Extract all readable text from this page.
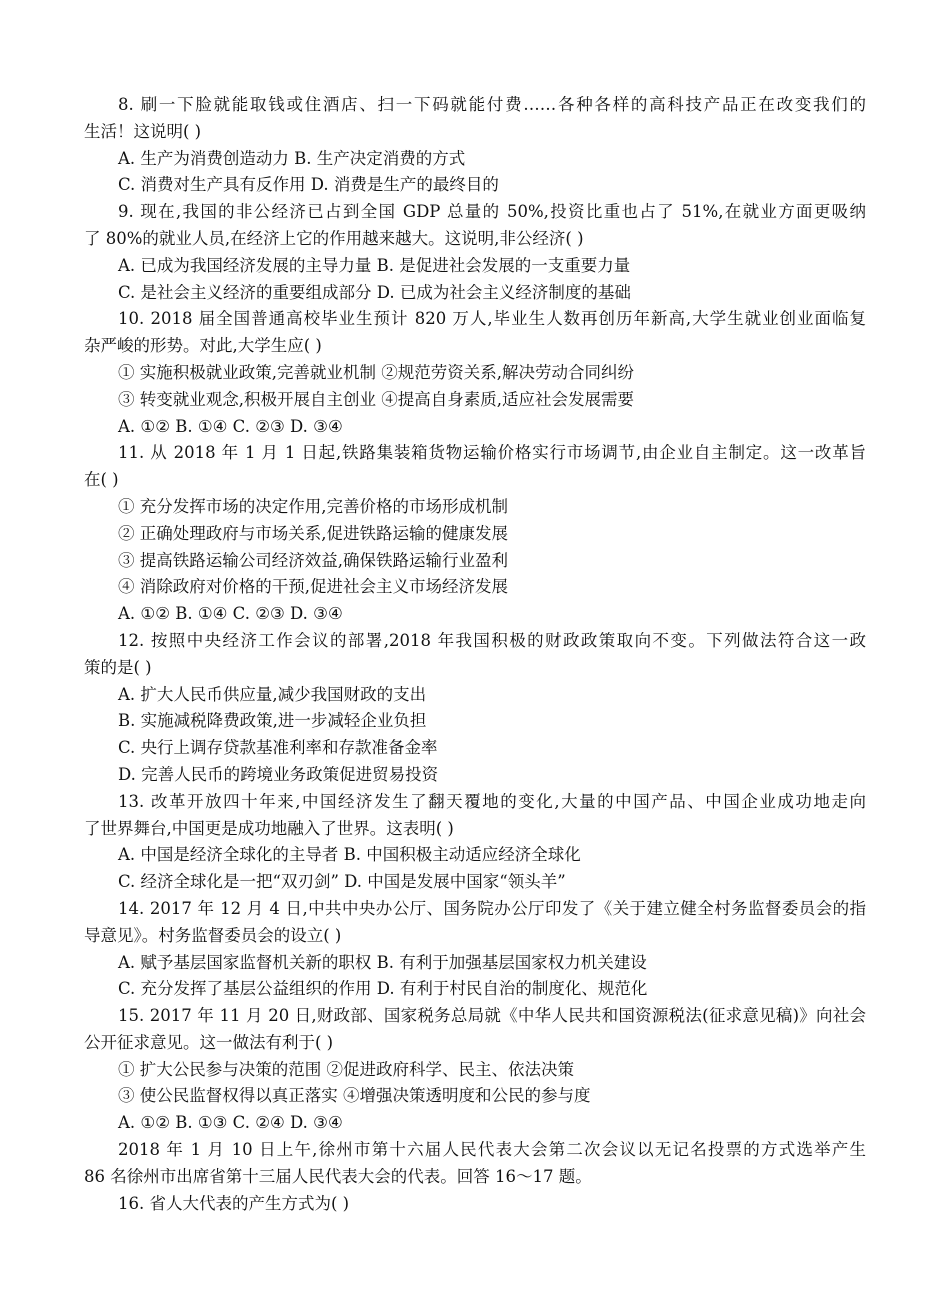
8. 刷一下脸就能取钱或住酒店、扫一下码就能付费……各种各样的高科技产品正在改变我们的
生活！这说明( )
A. 生产为消费创造动力 B. 生产决定消费的方式
C. 消费对生产具有反作用 D. 消费是生产的最终目的
9. 现在,我国的非公经济已占到全国 GDP 总量的 50%,投资比重也占了 51%,在就业方面更吸纳
了 80%的就业人员,在经济上它的作用越来越大。这说明,非公经济( )
A. 已成为我国经济发展的主导力量 B. 是促进社会发展的一支重要力量
C. 是社会主义经济的重要组成部分 D. 已成为社会主义经济制度的基础
10. 2018 届全国普通高校毕业生预计 820 万人,毕业生人数再创历年新高,大学生就业创业面临复
杂严峻的形势。对此,大学生应( )
① 实施积极就业政策,完善就业机制 ②规范劳资关系,解决劳动合同纠纷
③ 转变就业观念,积极开展自主创业 ④提高自身素质,适应社会发展需要
A. ①② B. ①④ C. ②③ D. ③④
11. 从 2018 年 1 月 1 日起,铁路集装箱货物运输价格实行市场调节,由企业自主制定。这一改革旨
在( )
① 充分发挥市场的决定作用,完善价格的市场形成机制
② 正确处理政府与市场关系,促进铁路运输的健康发展
③ 提高铁路运输公司经济效益,确保铁路运输行业盈利
④ 消除政府对价格的干预,促进社会主义市场经济发展
A. ①② B. ①④ C. ②③ D. ③④
12. 按照中央经济工作会议的部署,2018 年我国积极的财政政策取向不变。下列做法符合这一政
策的是( )
A. 扩大人民币供应量,减少我国财政的支出
B. 实施减税降费政策,进一步减轻企业负担
C. 央行上调存贷款基准利率和存款准备金率
D. 完善人民币的跨境业务政策促进贸易投资
13. 改革开放四十年来,中国经济发生了翻天覆地的变化,大量的中国产品、中国企业成功地走向
了世界舞台,中国更是成功地融入了世界。这表明( )
A. 中国是经济全球化的主导者 B. 中国积极主动适应经济全球化
C. 经济全球化是一把“双刃剑” D. 中国是发展中国家“领头羊”
14. 2017 年 12 月 4 日,中共中央办公厅、国务院办公厅印发了《关于建立健全村务监督委员会的指
导意见》。村务监督委员会的设立( )
A. 赋予基层国家监督机关新的职权 B. 有利于加强基层国家权力机关建设
C. 充分发挥了基层公益组织的作用 D. 有利于村民自治的制度化、规范化
15. 2017 年 11 月 20 日,财政部、国家税务总局就《中华人民共和国资源税法(征求意见稿)》向社会
公开征求意见。这一做法有利于( )
① 扩大公民参与决策的范围 ②促进政府科学、民主、依法决策
③ 使公民监督权得以真正落实 ④增强决策透明度和公民的参与度
A. ①② B. ①③ C. ②④ D. ③④
2018 年 1 月 10 日上午,徐州市第十六届人民代表大会第二次会议以无记名投票的方式选举产生
86 名徐州市出席省第十三届人民代表大会的代表。回答 16～17 题。
16. 省人大代表的产生方式为( )
